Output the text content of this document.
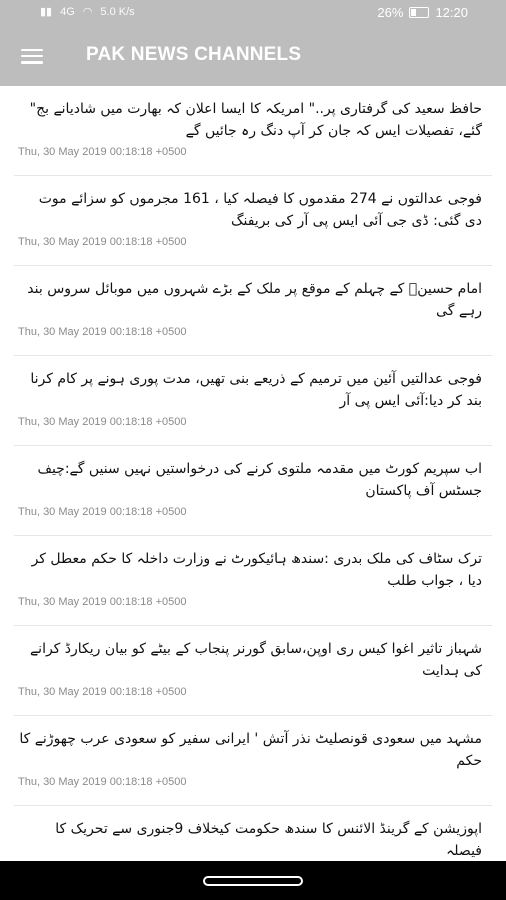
▮▮ 4G ◠ 5.0 K/s	26% 12:20
PAK NEWS CHANNELS
حافظ سعید کی گرفتاری پر.." امریکہ کا ایسا اعلان کہ بھارت میں شادیانے بج" گئے، تفصیلات ایس کہ جان کر آپ دنگ رہ جائیں گے
Thu, 30 May 2019 00:18:18 +0500
فوجی عدالتوں نے 274 مقدموں کا فیصلہ کیا ، 161 مجرموں کو سزائے موت دی گئی: ڈی جی آئی ایس پی آر کی بریفنگ
Thu, 30 May 2019 00:18:18 +0500
امام حسینؓ کے چہلم کے موقع پر ملک کے بڑے شہروں میں موبائل سروس بند رہے گی
Thu, 30 May 2019 00:18:18 +0500
فوجی عدالتیں آئین میں ترمیم کے ذریعے بنی تھیں، مدت پوری ہونے پر کام کرنا بند کر دیا:آئی ایس پی آر
Thu, 30 May 2019 00:18:18 +0500
اب سپریم کورٹ میں مقدمہ ملتوی کرنے کی درخواستیں نہیں سنیں گے:چیف جسٹس آف پاکستان
Thu, 30 May 2019 00:18:18 +0500
ترک سٹاف کی ملک بدری :سندھ ہائیکورٹ نے وزارت داخلہ کا حکم معطل کر دیا ، جواب طلب
Thu, 30 May 2019 00:18:18 +0500
شہباز تاثیر اغوا کیس ری اوپن،سابق گورنر پنجاب کے بیٹے کو بیان ریکارڈ کرانے کی ہدایت
Thu, 30 May 2019 00:18:18 +0500
مشہد میں سعودی قونصلیٹ نذر آتش ' ایرانی سفیر کو سعودی عرب چھوڑنے کا حکم
Thu, 30 May 2019 00:18:18 +0500
اپوزیشن کے گرینڈ الائنس کا سندھ حکومت کیخلاف 9جنوری سے تحریک کا فیصلہ
